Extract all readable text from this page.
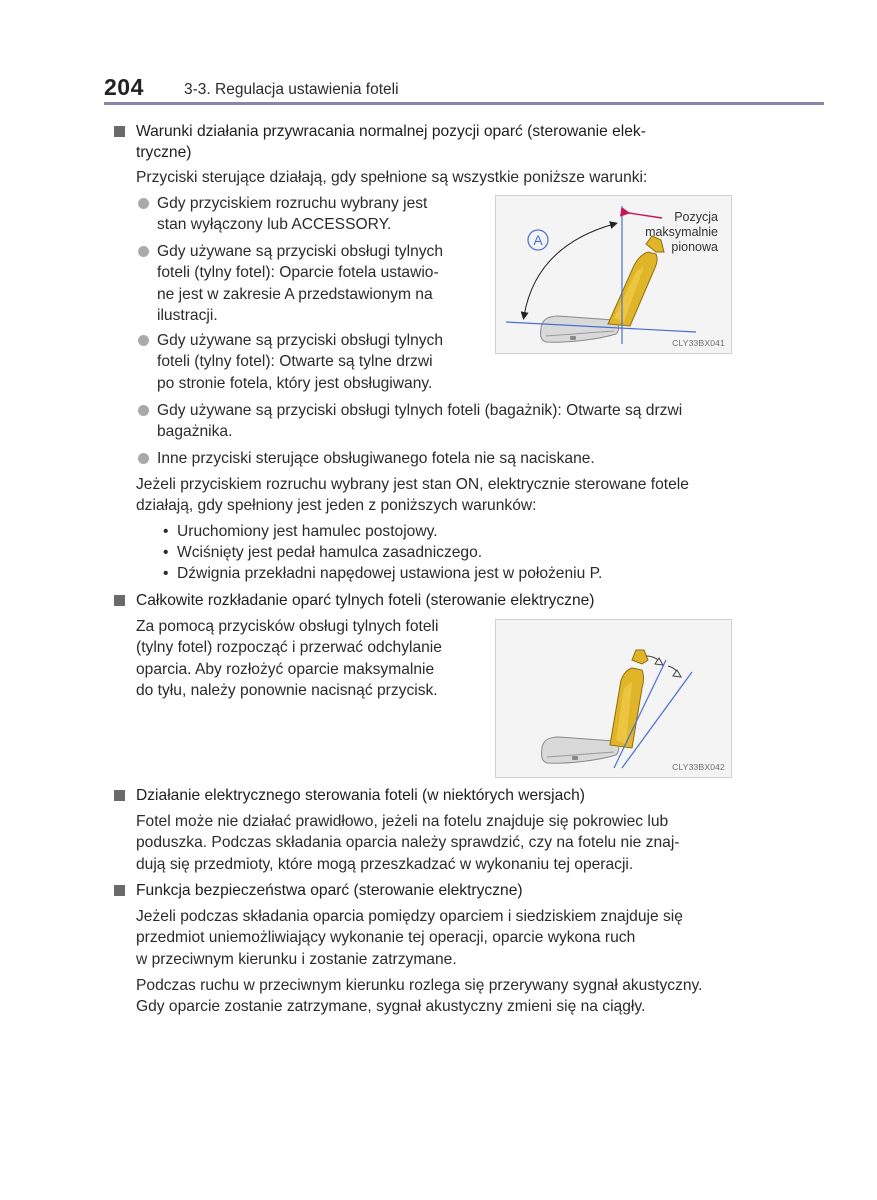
204	3-3. Regulacja ustawienia foteli
Warunki działania przywracania normalnej pozycji oparć (sterowanie elek-
tryczne)
Przyciski sterujące działają, gdy spełnione są wszystkie poniższe warunki:
Gdy przyciskiem rozruchu wybrany jest
stan wyłączony lub ACCESSORY.
Gdy używane są przyciski obsługi tylnych
foteli (tylny fotel): Oparcie fotela ustawio-
ne jest w zakresie A przedstawionym na
ilustracji.
Gdy używane są przyciski obsługi tylnych
foteli (tylny fotel): Otwarte są tylne drzwi
po stronie fotela, który jest obsługiwany.
A
Pozycja
maksymalnie
pionowa
CLY33BX041
Gdy używane są przyciski obsługi tylnych foteli (bagażnik): Otwarte są drzwi
bagażnika.
Inne przyciski sterujące obsługiwanego fotela nie są naciskane.
Jeżeli przyciskiem rozruchu wybrany jest stan ON, elektrycznie sterowane fotele
działają, gdy spełniony jest jeden z poniższych warunków:
• Uruchomiony jest hamulec postojowy.
• Wciśnięty jest pedał hamulca zasadniczego.
• Dźwignia przekładni napędowej ustawiona jest w położeniu P.
Całkowite rozkładanie oparć tylnych foteli (sterowanie elektryczne)
Za pomocą przycisków obsługi tylnych foteli
(tylny fotel) rozpocząć i przerwać odchylanie
oparcia. Aby rozłożyć oparcie maksymalnie
do tyłu, należy ponownie nacisnąć przycisk.
CLY33BX042
Działanie elektrycznego sterowania foteli (w niektórych wersjach)
Fotel może nie działać prawidłowo, jeżeli na fotelu znajduje się pokrowiec lub
poduszka. Podczas składania oparcia należy sprawdzić, czy na fotelu nie znaj-
dują się przedmioty, które mogą przeszkadzać w wykonaniu tej operacji.
Funkcja bezpieczeństwa oparć (sterowanie elektryczne)
Jeżeli podczas składania oparcia pomiędzy oparciem i siedziskiem znajduje się
przedmiot uniemożliwiający wykonanie tej operacji, oparcie wykona ruch
w przeciwnym kierunku i zostanie zatrzymane.
Podczas ruchu w przeciwnym kierunku rozlega się przerywany sygnał akustyczny.
Gdy oparcie zostanie zatrzymane, sygnał akustyczny zmieni się na ciągły.
